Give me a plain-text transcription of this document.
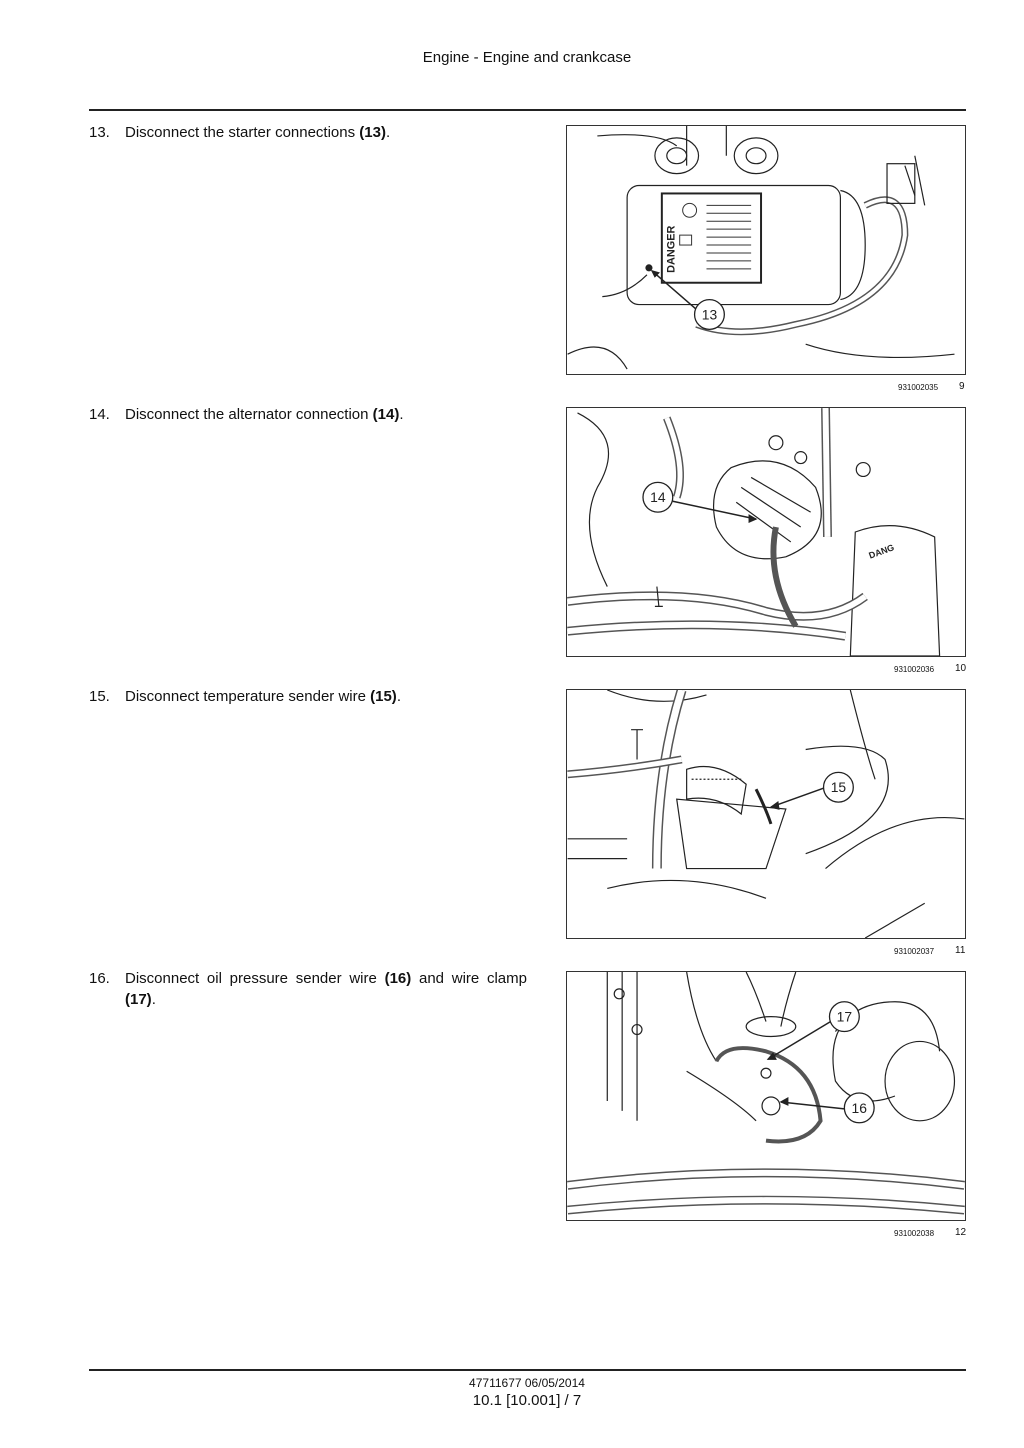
Engine - Engine and crankcase
13. Disconnect the starter connections (13).
DANGER
13
931002035 9
14. Disconnect the alternator connection (14).
DANG
14
931002036 10
15. Disconnect temperature sender wire (15).
15
931002037 11
16. Disconnect oil pressure sender wire (16) and wire clamp (17).
17
16
931002038 12
47711677 06/05/2014
10.1 [10.001] / 7
